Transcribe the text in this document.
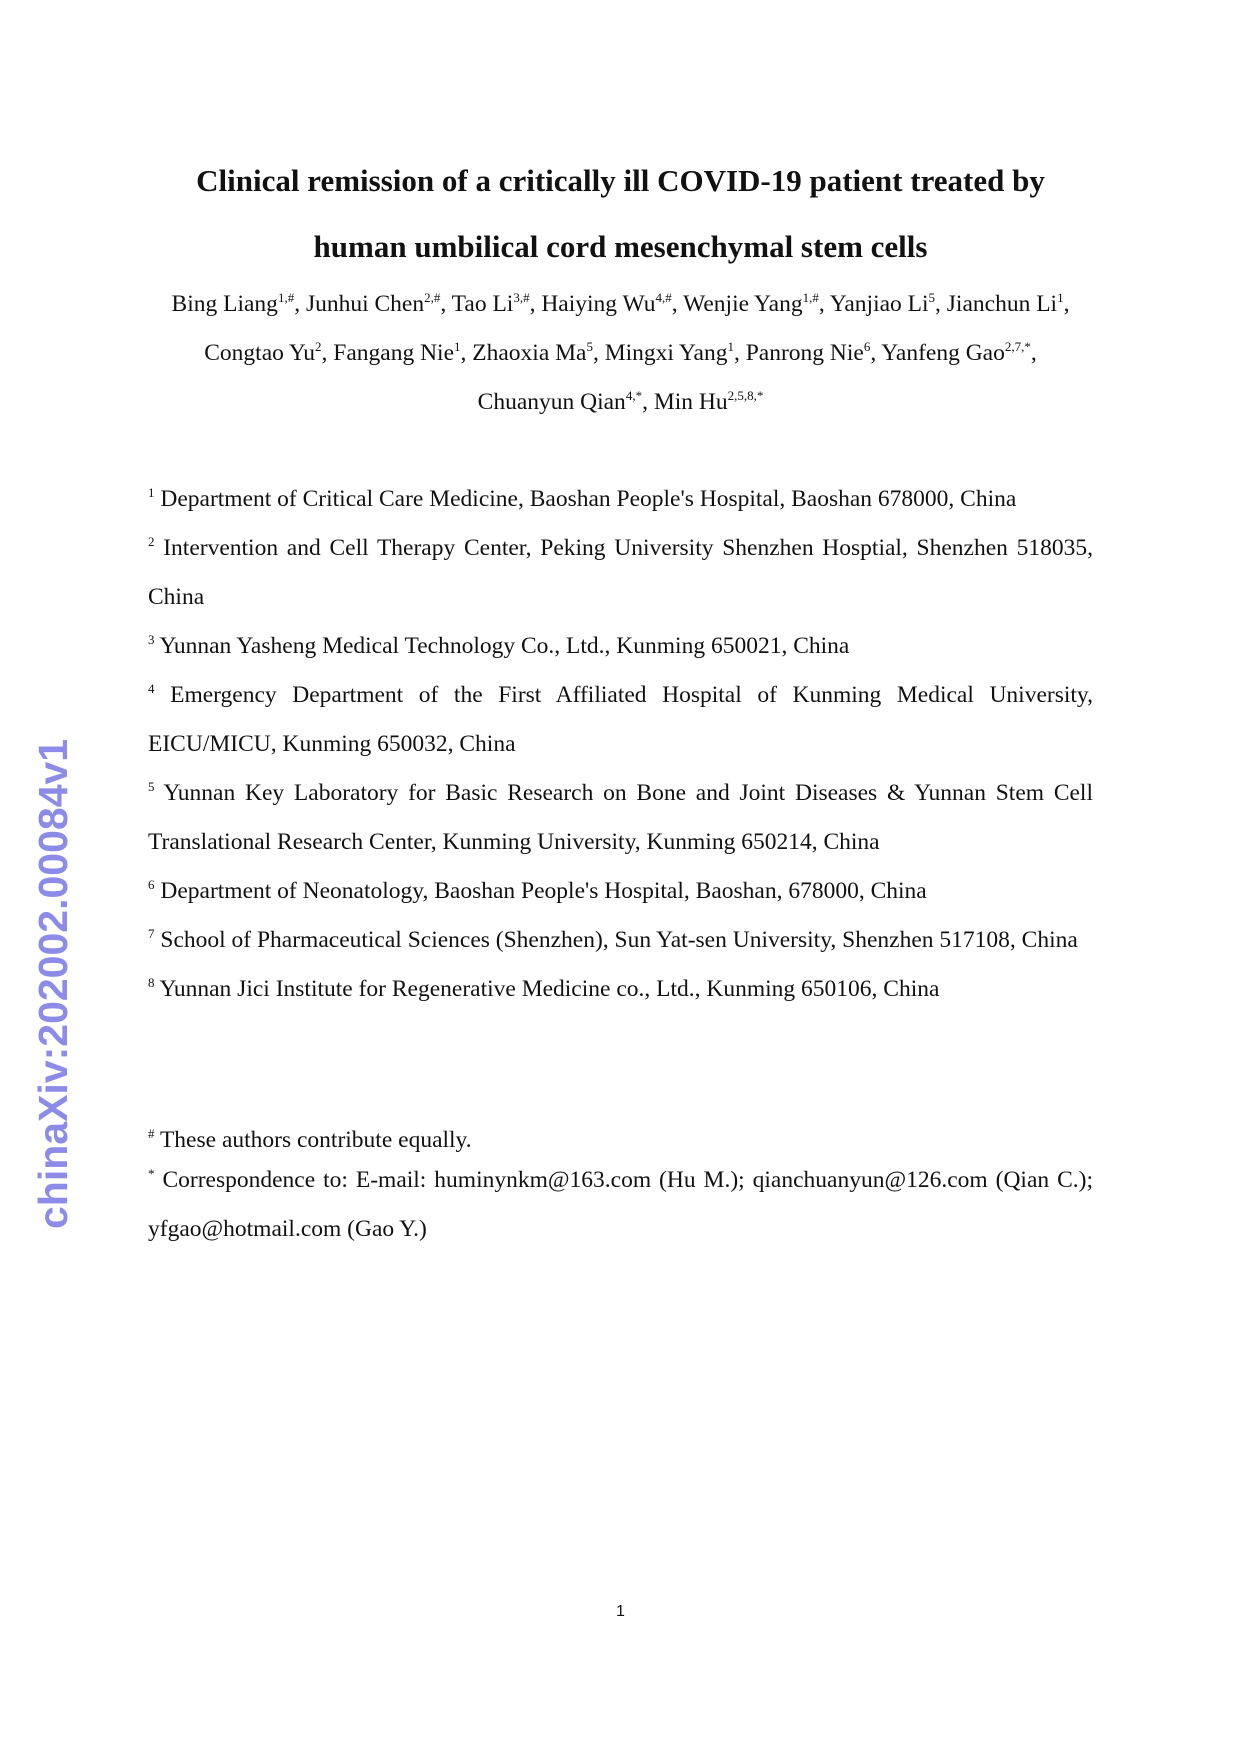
chinaXiv:202002.00084v1
Clinical remission of a critically ill COVID-19 patient treated by
human umbilical cord mesenchymal stem cells
Bing Liang$^{1,\#}$, Junhui Chen$^{2,\#}$, Tao $Li^{3,\#}$, Haiying $Wu^{4,\#}$, Wenjie Yang$^{1,\#}$, Yanjiao Li$^5$, Jianchun Li$^1$, Congtao Yu$^2$, Fangang Nie$^1$, Zhaoxia Ma$^5$, Mingxi Yang$^1$, Panrong Nie$^6$, Yanfeng Gao$^{2,7,*}$,
Chuanyun Qian$^{4,*}$, Min $Hu^{2,5,8,*}$
$^1$ Department of Critical Care Medicine, Baoshan People's Hospital, Baoshan 678000, China
$^2$ Intervention and Cell Therapy Center, Peking University Shenzhen Hosptial, Shenzhen 518035, China
$^3$ Yunnan Yasheng Medical Technology Co., Ltd., Kunming 650021, China
$^4$ Emergency Department of the First Affiliated Hospital of Kunming Medical University, EICU/MICU, Kunming 650032, China
$^5$ Yunnan Key Laboratory for Basic Research on Bone and Joint Diseases & Yunnan Stem Cell Translational Research Center, Kunming University, Kunming 650214, China
$^6$ Department of Neonatology, Baoshan People's Hospital, Baoshan, 678000, China
$^7$ School of Pharmaceutical Sciences (Shenzhen), Sun Yat-sen University, Shenzhen 517108, China
$^8$ Yunnan Jici Institute for Regenerative Medicine co., Ltd., Kunming 650106, China
# These authors contribute equally.
* Correspondence to: E-mail: huminynkm@163.com (Hu M.); qianchuanyun@126.com (Qian C.); yfgao@hotmail.com (Gao Y.)
1
